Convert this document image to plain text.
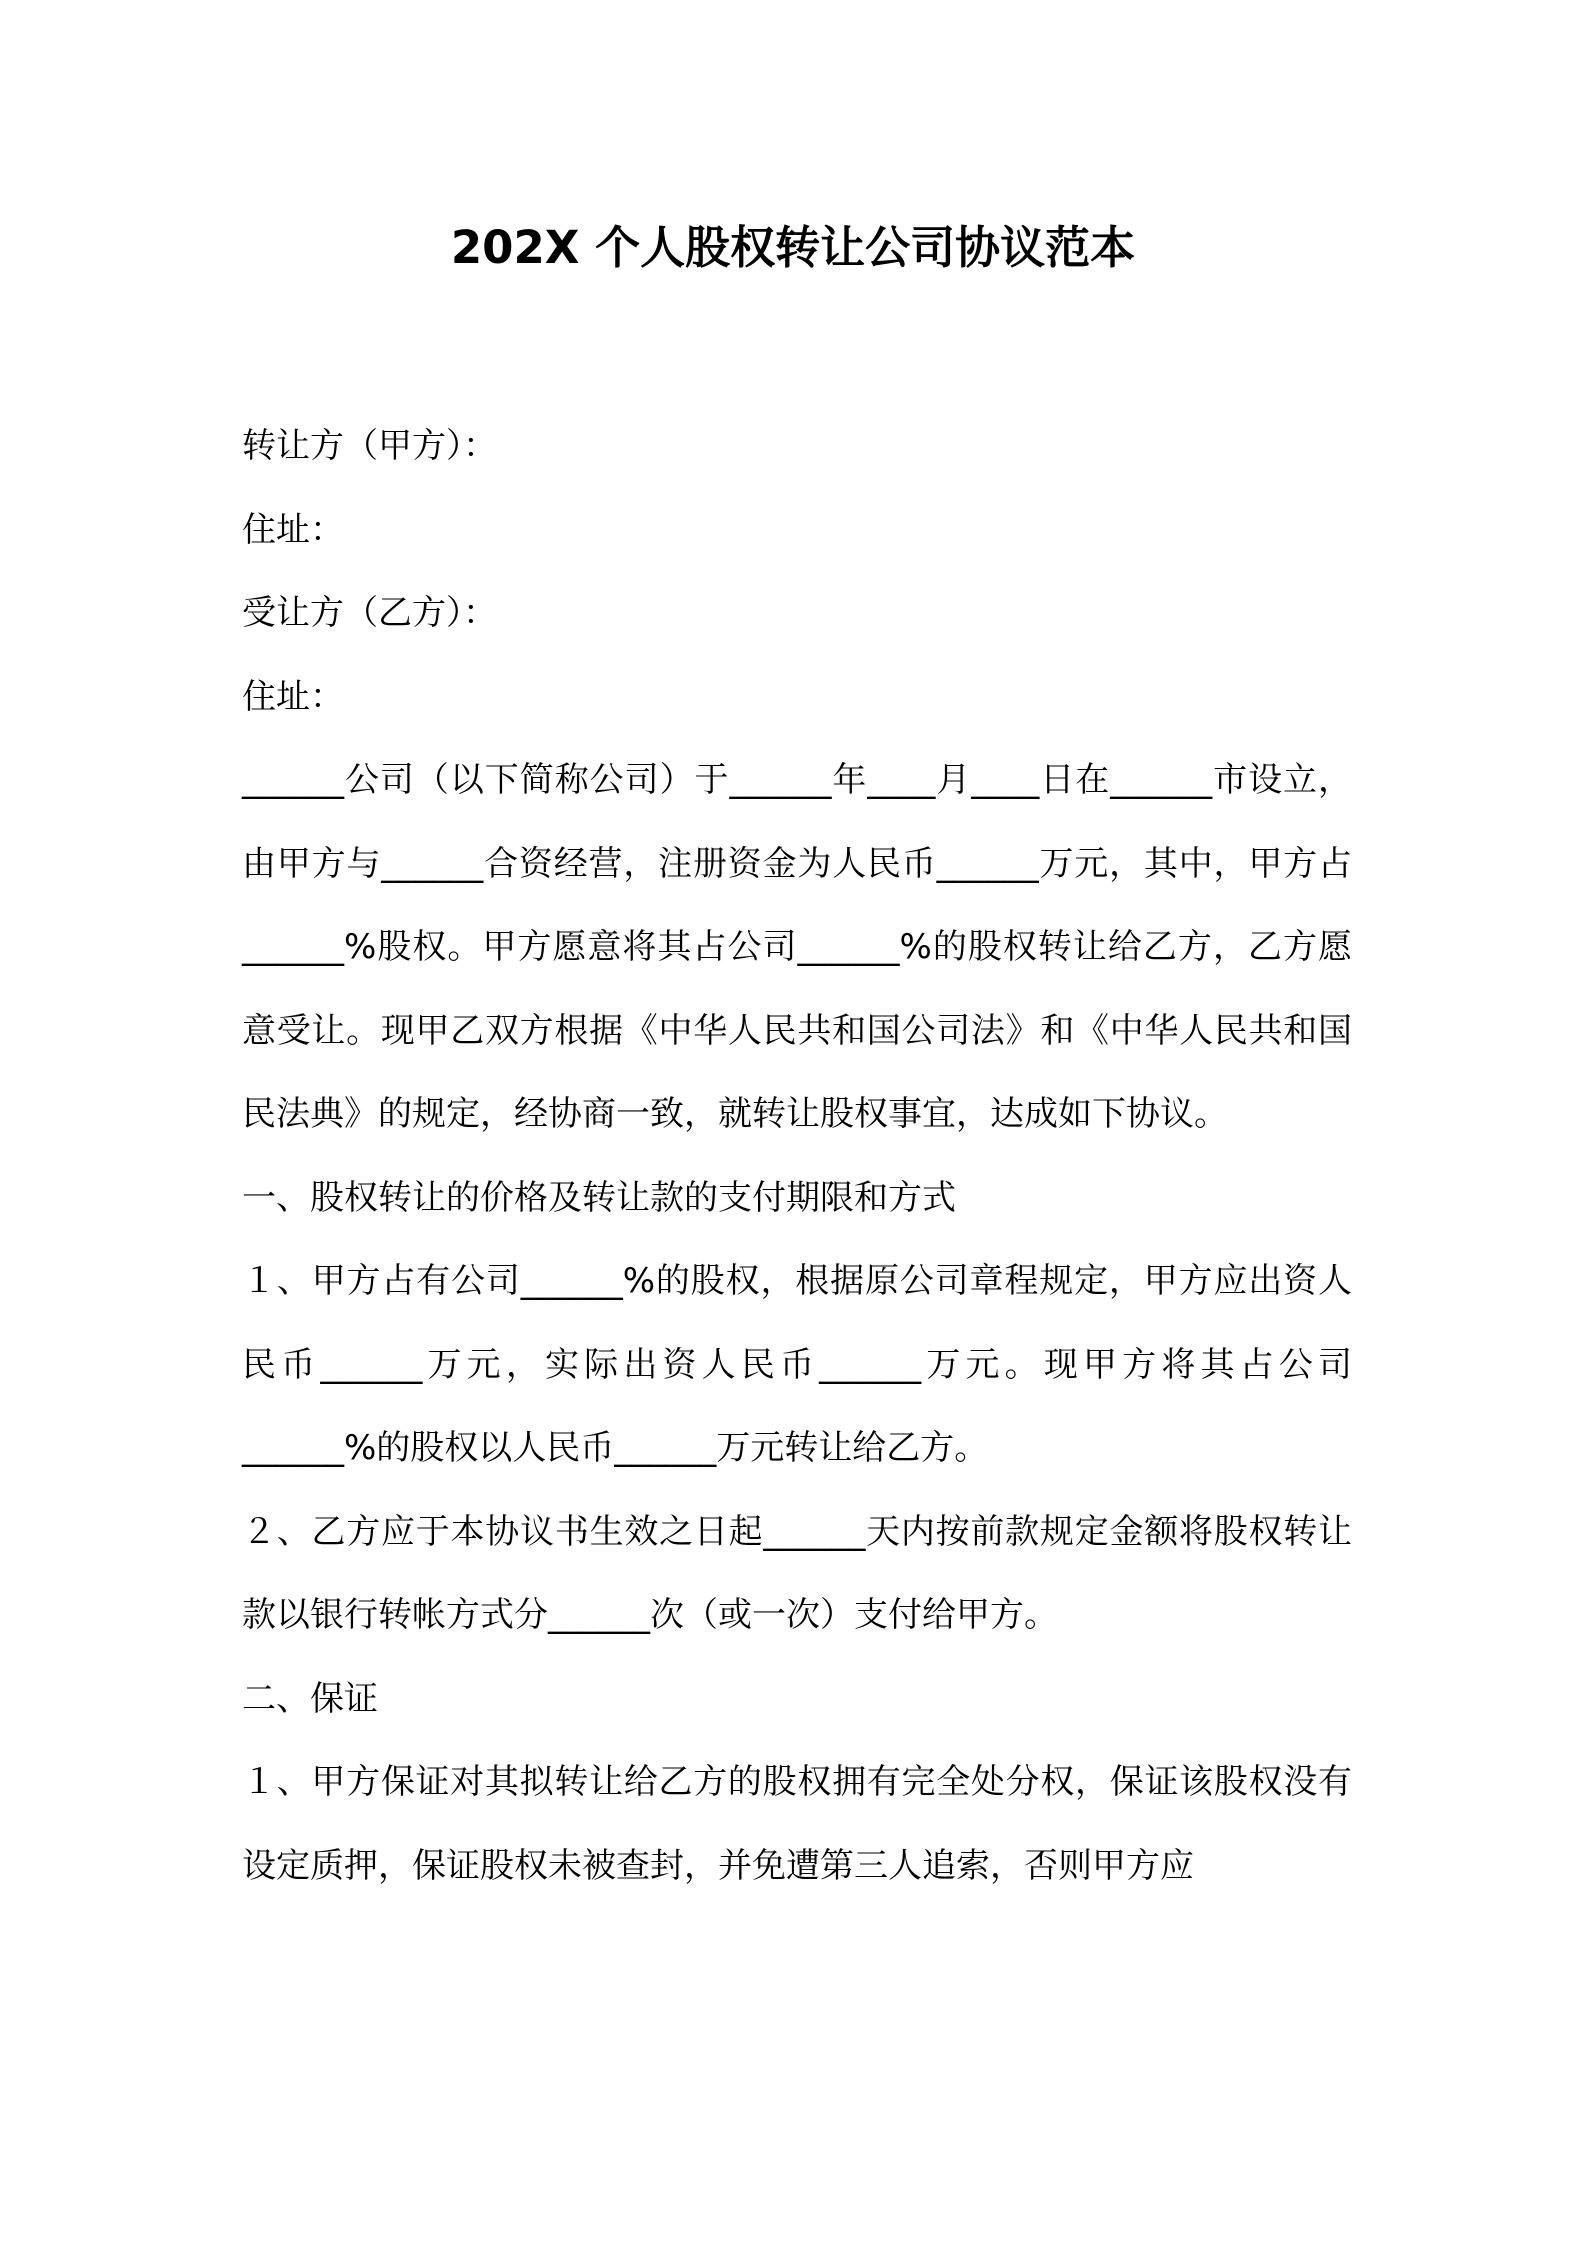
202X 个人股权转让公司协议范本

转让方（甲方）：

住址：

受让方（乙方）：

住址：

______公司（以下简称公司）于______年____月____日在______市设立，由甲方与______合资经营，注册资金为人民币______万元，其中，甲方占______%股权。甲方愿意将其占公司______%的股权转让给乙方，乙方愿意受让。现甲乙双方根据《中华人民共和国公司法》和《中华人民共和国民法典》的规定，经协商一致，就转让股权事宜，达成如下协议。

一、股权转让的价格及转让款的支付期限和方式

１、甲方占有公司______%的股权，根据原公司章程规定，甲方应出资人民币______万元，实际出资人民币______万元。现甲方将其占公司______%的股权以人民币______万元转让给乙方。

２、乙方应于本协议书生效之日起______天内按前款规定金额将股权转让款以银行转帐方式分______次（或一次）支付给甲方。

二、保证

１、甲方保证对其拟转让给乙方的股权拥有完全处分权，保证该股权没有设定质押，保证股权未被查封，并免遭第三人追索，否则甲方应
